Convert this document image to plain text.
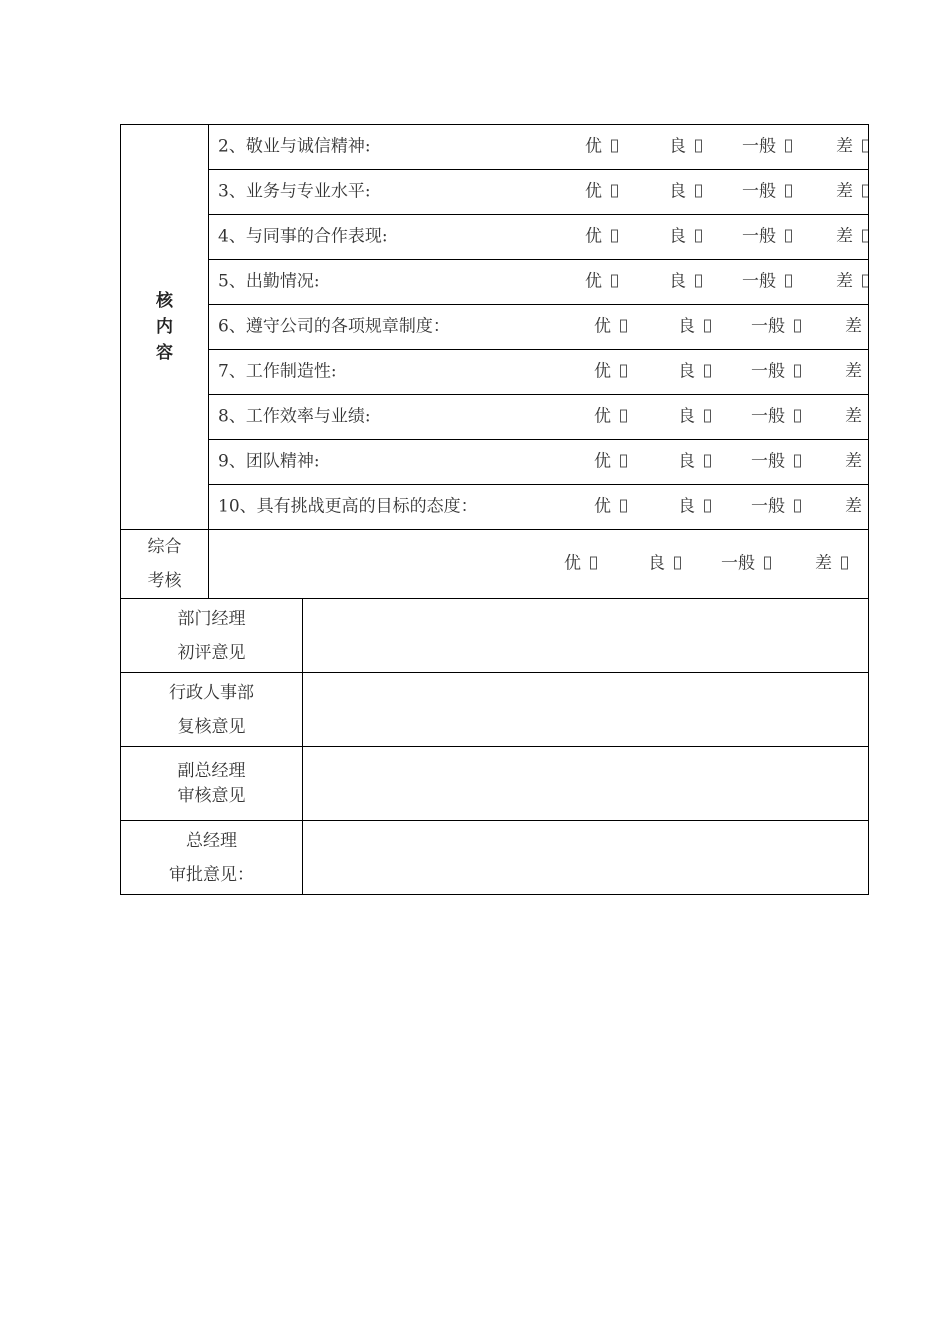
核
内
容	2、敬业与诚信精神: 优 良 一般 差	

	3、业务与专业水平: 优 良 一般 差	

	4、与同事的合作表现: 优 良 一般 差	

	5、出勤情况: 优 良 一般 差	

	6、遵守公司的各项规章制度： 优 良 一般 差	

	7、工作制造性: 优 良 一般 差	

	8、工作效率与业绩: 优 良 一般 差	

	9、团队精神: 优 良 一般 差	

	10、具有挑战更高的目标的态度： 优 良 一般 差	

综合
考核	优 良 一般 差	

部门经理
初评意见		

行政人事部
复核意见		

副总经理
审核意见		

总经理
审批意见：		
